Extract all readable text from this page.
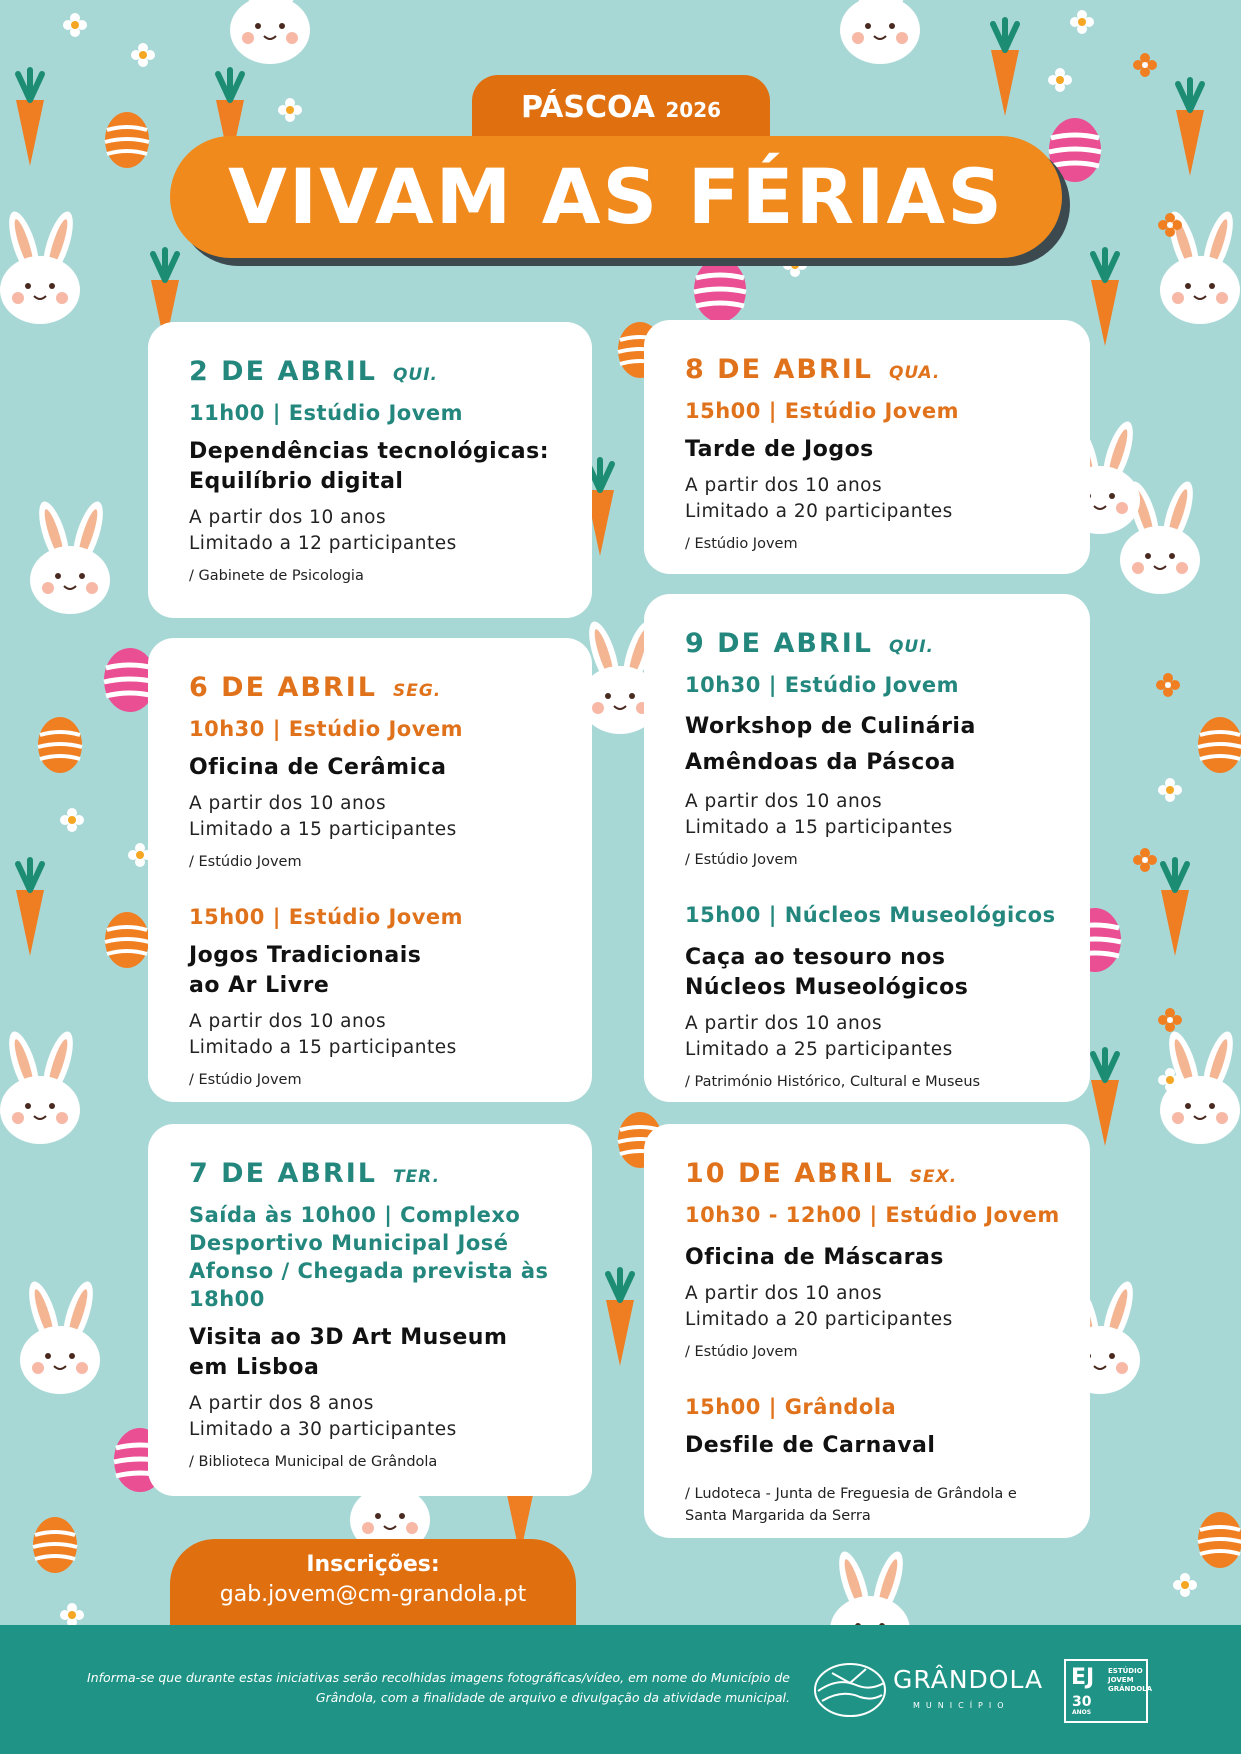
PÁSCOA 2026
VIVAM AS FÉRIAS
2 DE ABRIL QUI.
11h00 | Estúdio Jovem
Dependências tecnológicas: Equilíbrio digital
A partir dos 10 anos
Limitado a 12 participantes
/ Gabinete de Psicologia
6 DE ABRIL SEG.
10h30 | Estúdio Jovem
Oficina de Cerâmica
A partir dos 10 anos
Limitado a 15 participantes
/ Estúdio Jovem
15h00 | Estúdio Jovem
Jogos Tradicionais ao Ar Livre
A partir dos 10 anos
Limitado a 15 participantes
/ Estúdio Jovem
7 DE ABRIL TER.
Saída às 10h00 | Complexo Desportivo Municipal José Afonso / Chegada prevista às 18h00
Visita ao 3D Art Museum em Lisboa
A partir dos 8 anos
Limitado a 30 participantes
/ Biblioteca Municipal de Grândola
8 DE ABRIL QUA.
15h00 | Estúdio Jovem
Tarde de Jogos
A partir dos 10 anos
Limitado a 20 participantes
/ Estúdio Jovem
9 DE ABRIL QUI.
10h30 | Estúdio Jovem
Workshop de Culinária Amêndoas da Páscoa
A partir dos 10 anos
Limitado a 15 participantes
/ Estúdio Jovem
15h00 | Núcleos Museológicos
Caça ao tesouro nos Núcleos Museológicos
A partir dos 10 anos
Limitado a 25 participantes
/ Património Histórico, Cultural e Museus
10 DE ABRIL SEX.
10h30 - 12h00 | Estúdio Jovem
Oficina de Máscaras
A partir dos 10 anos
Limitado a 20 participantes
/ Estúdio Jovem
15h00 | Grândola
Desfile de Carnaval
/ Ludoteca - Junta de Freguesia de Grândola e Santa Margarida da Serra
Inscrições:
gab.jovem@cm-grandola.pt
Informa-se que durante estas iniciativas serão recolhidas imagens fotográficas/vídeo, em nome do Município de Grândola, com a finalidade de arquivo e divulgação da atividade municipal.
GRÂNDOLA
MUNICÍPIO
EJ ESTÚDIO JOVEM GRÂNDOLA
30
ANOS
